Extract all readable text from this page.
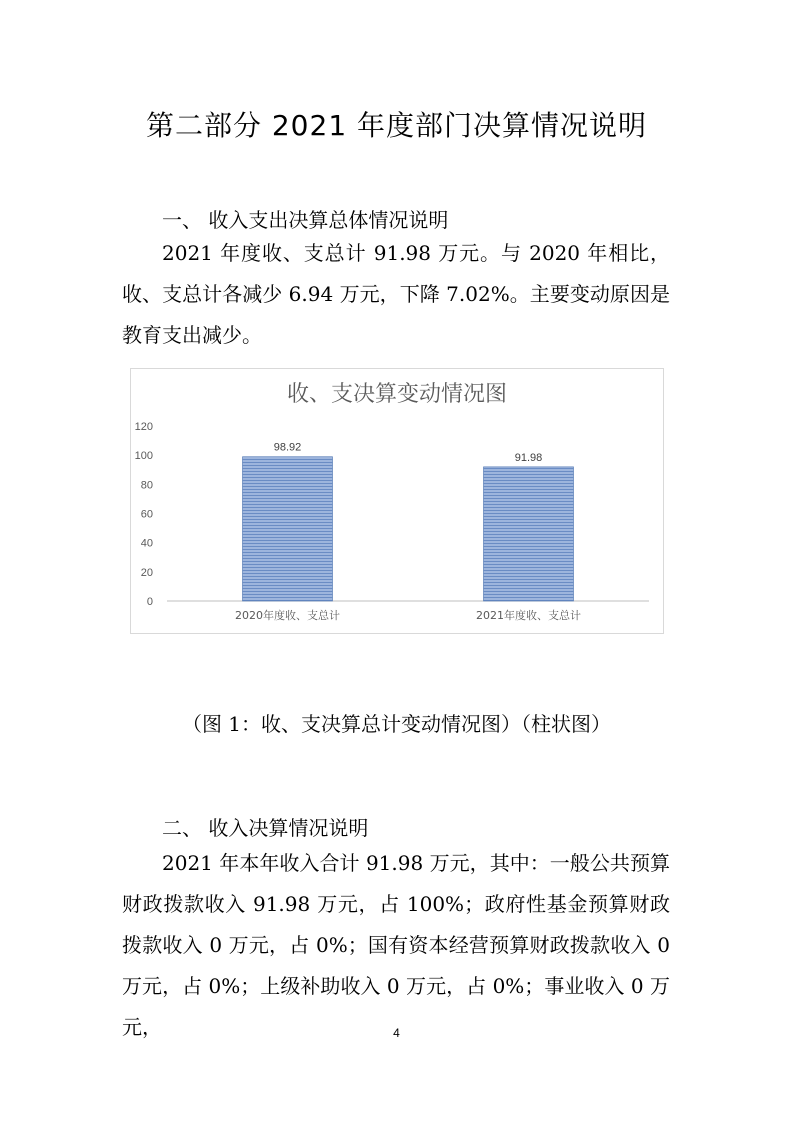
第二部分 2021 年度部门决算情况说明
一、 收入支出决算总体情况说明
2021 年度收、支总计 91.98 万元。与 2020 年相比，收、支总计各减少 6.94 万元，下降 7.02%。主要变动原因是教育支出减少。
收、支决算变动情况图
0
20
40
60
80
100
120
98.92
2020年度收、支总计
91.98
2021年度收、支总计
（图 1：收、支决算总计变动情况图）（柱状图）
二、 收入决算情况说明
2021 年本年收入合计 91.98 万元，其中：一般公共预算财政拨款收入 91.98 万元，占 100%；政府性基金预算财政拨款收入 0 万元，占 0%；国有资本经营预算财政拨款收入 0 万元，占 0%；上级补助收入 0 万元，占 0%；事业收入 0 万元，	4
